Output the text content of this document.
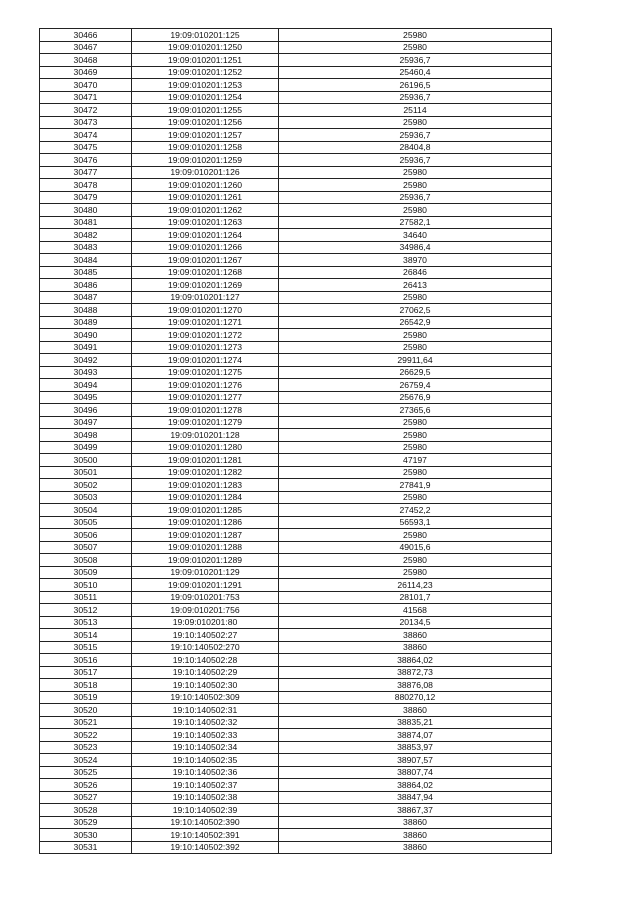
30466	19:09:010201:125	25980
30467	19:09:010201:1250	25980
30468	19:09:010201:1251	25936,7
30469	19:09:010201:1252	25460,4
30470	19:09:010201:1253	26196,5
30471	19:09:010201:1254	25936,7
30472	19:09:010201:1255	25114
30473	19:09:010201:1256	25980
30474	19:09:010201:1257	25936,7
30475	19:09:010201:1258	28404,8
30476	19:09:010201:1259	25936,7
30477	19:09:010201:126	25980
30478	19:09:010201:1260	25980
30479	19:09:010201:1261	25936,7
30480	19:09:010201:1262	25980
30481	19:09:010201:1263	27582,1
30482	19:09:010201:1264	34640
30483	19:09:010201:1266	34986,4
30484	19:09:010201:1267	38970
30485	19:09:010201:1268	26846
30486	19:09:010201:1269	26413
30487	19:09:010201:127	25980
30488	19:09:010201:1270	27062,5
30489	19:09:010201:1271	26542,9
30490	19:09:010201:1272	25980
30491	19:09:010201:1273	25980
30492	19:09:010201:1274	29911,64
30493	19:09:010201:1275	26629,5
30494	19:09:010201:1276	26759,4
30495	19:09:010201:1277	25676,9
30496	19:09:010201:1278	27365,6
30497	19:09:010201:1279	25980
30498	19:09:010201:128	25980
30499	19:09:010201:1280	25980
30500	19:09:010201:1281	47197
30501	19:09:010201:1282	25980
30502	19:09:010201:1283	27841,9
30503	19:09:010201:1284	25980
30504	19:09:010201:1285	27452,2
30505	19:09:010201:1286	56593,1
30506	19:09:010201:1287	25980
30507	19:09:010201:1288	49015,6
30508	19:09:010201:1289	25980
30509	19:09:010201:129	25980
30510	19:09:010201:1291	26114,23
30511	19:09:010201:753	28101,7
30512	19:09:010201:756	41568
30513	19:09:010201:80	20134,5
30514	19:10:140502:27	38860
30515	19:10:140502:270	38860
30516	19:10:140502:28	38864,02
30517	19:10:140502:29	38872,73
30518	19:10:140502:30	38876,08
30519	19:10:140502:309	880270,12
30520	19:10:140502:31	38860
30521	19:10:140502:32	38835,21
30522	19:10:140502:33	38874,07
30523	19:10:140502:34	38853,97
30524	19:10:140502:35	38907,57
30525	19:10:140502:36	38807,74
30526	19:10:140502:37	38864,02
30527	19:10:140502:38	38847,94
30528	19:10:140502:39	38867,37
30529	19:10:140502:390	38860
30530	19:10:140502:391	38860
30531	19:10:140502:392	38860
